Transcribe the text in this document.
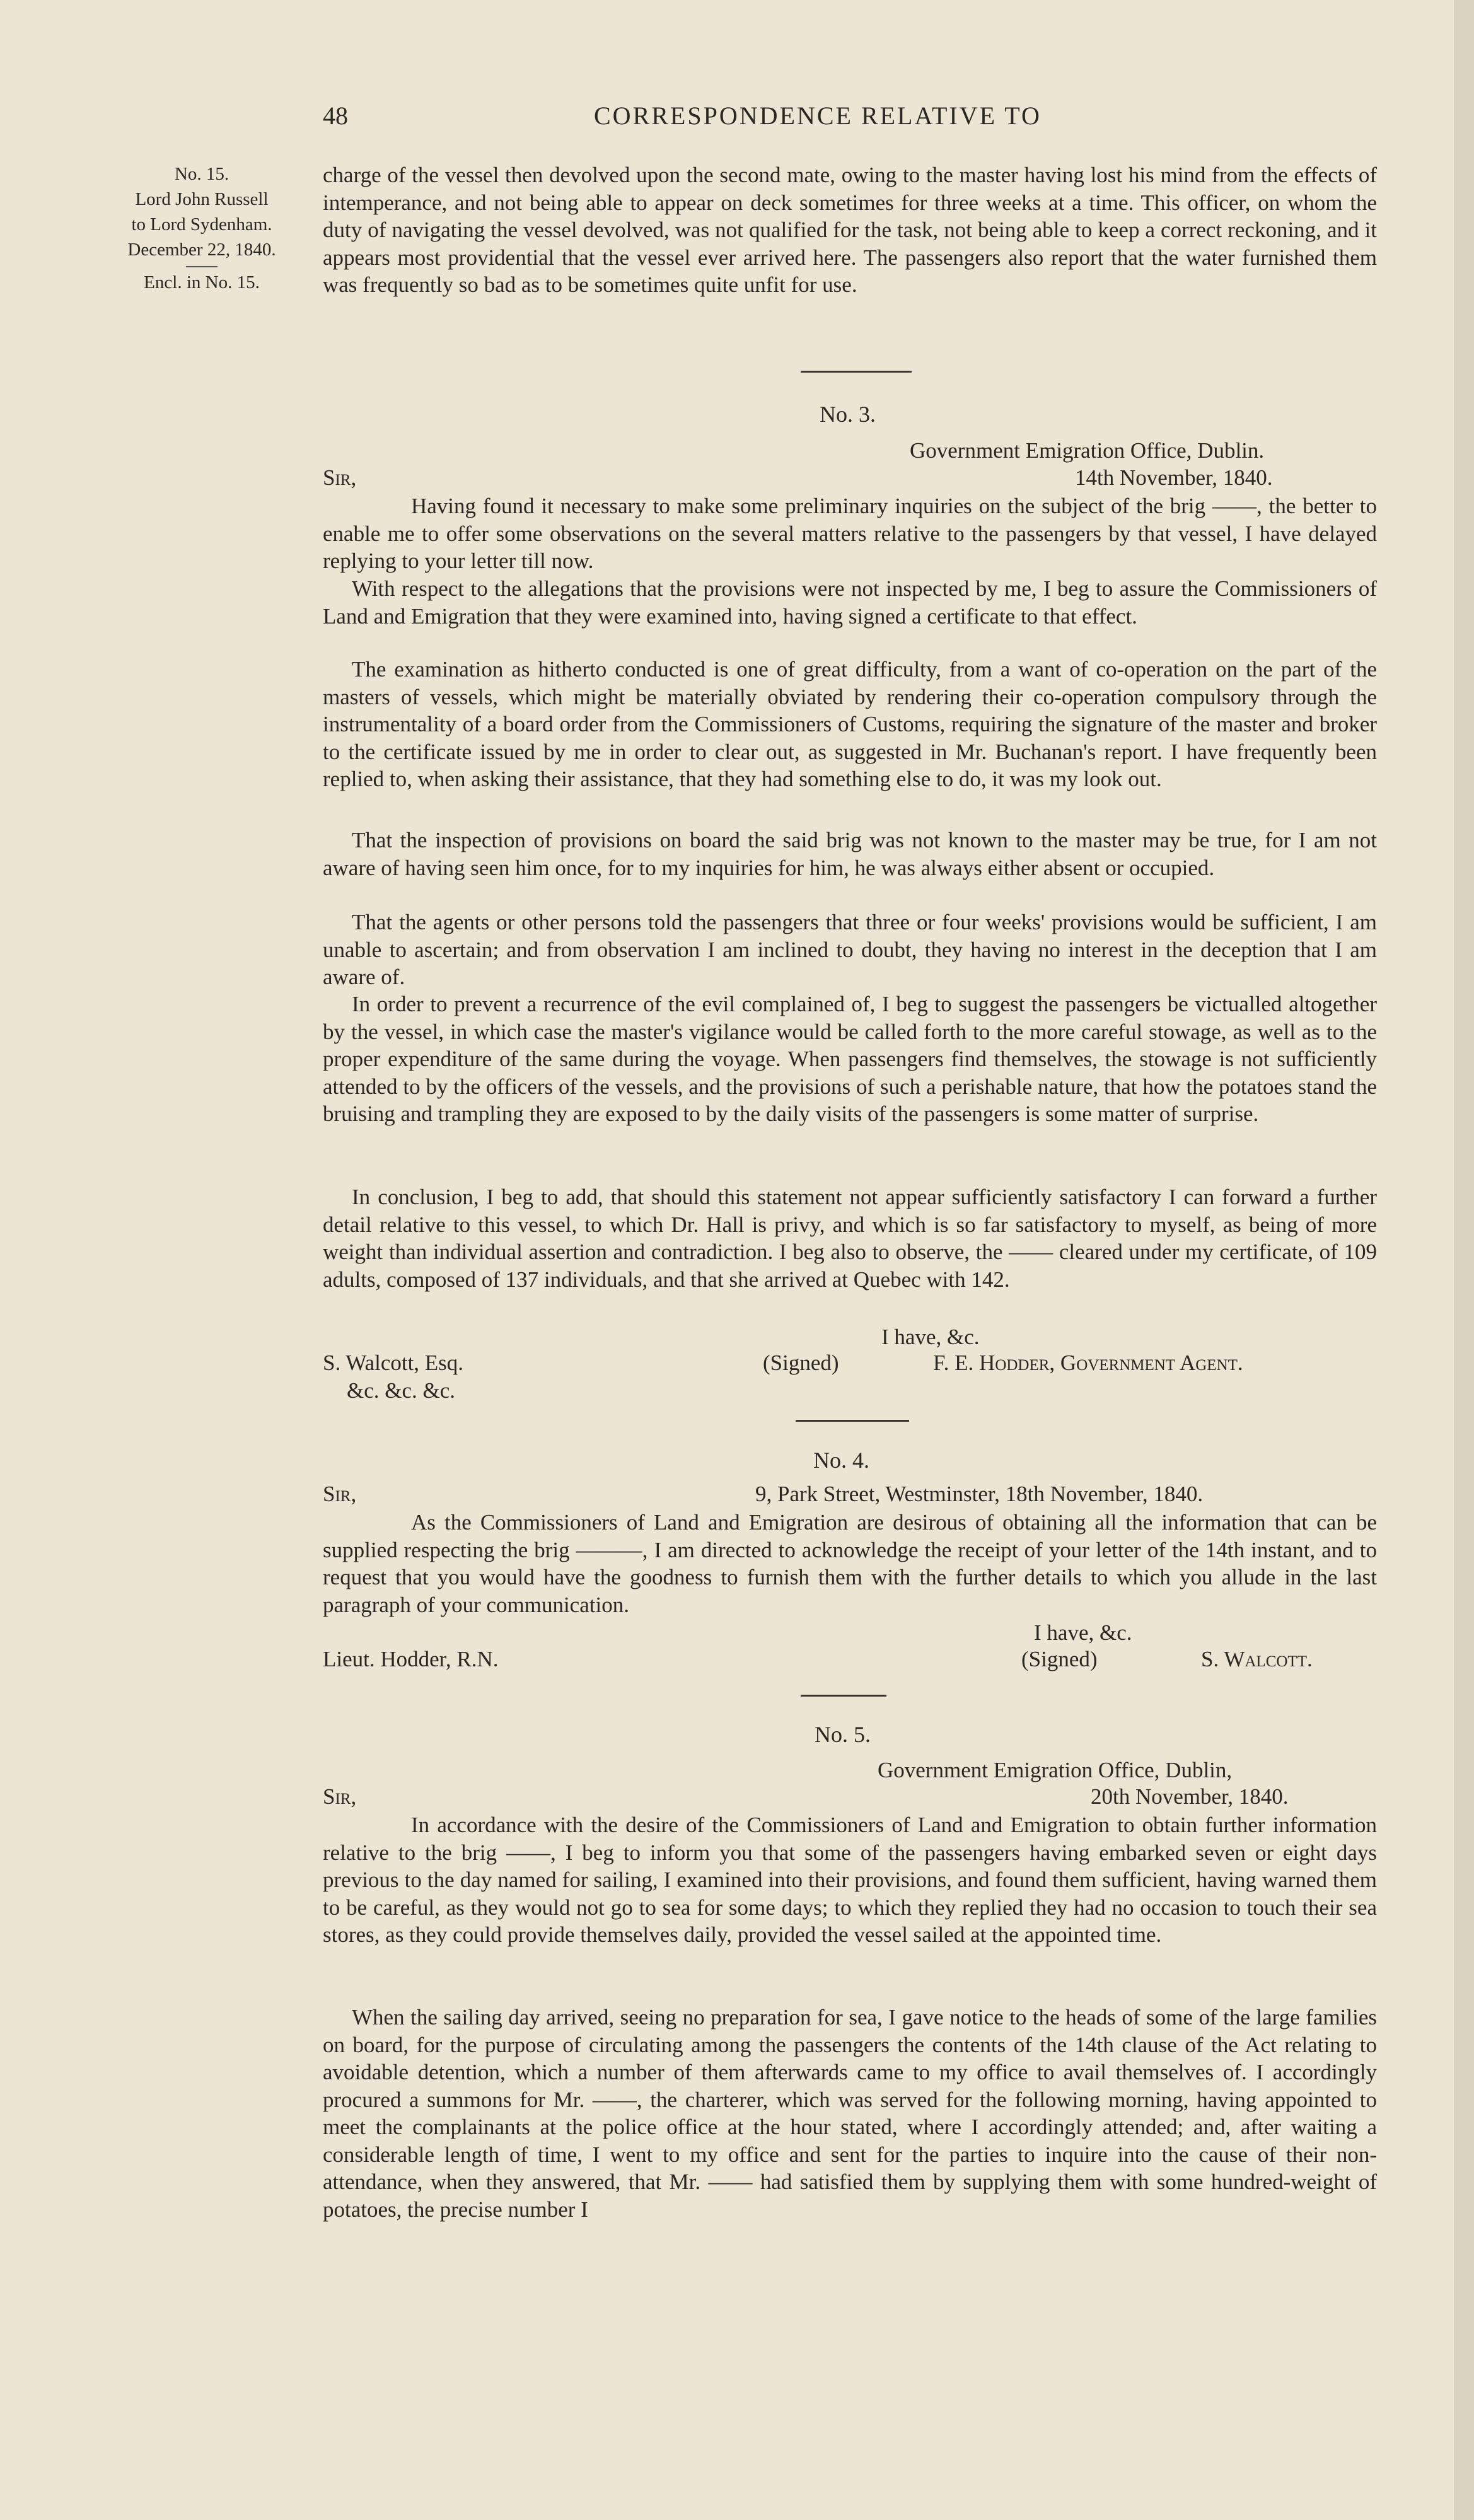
48	CORRESPONDENCE RELATIVE TO
No. 15.
Lord John Russell
to Lord Sydenham.
December 22, 1840.
Encl. in No. 15.

charge of the vessel then devolved upon the second mate, owing to the master having lost his mind from the effects of intemperance, and not being able to appear on deck sometimes for three weeks at a time. This officer, on whom the duty of navigating the vessel devolved, was not qualified for the task, not being able to keep a correct reckoning, and it appears most providential that the vessel ever arrived here. The passengers also report that the water furnished them was frequently so bad as to be sometimes quite unfit for use.

No. 3.
Government Emigration Office, Dublin.
Sir,	14th November, 1840.

Having found it necessary to make some preliminary inquiries on the subject of the brig ——, the better to enable me to offer some observations on the several matters relative to the passengers by that vessel, I have delayed replying to your letter till now.

With respect to the allegations that the provisions were not inspected by me, I beg to assure the Commissioners of Land and Emigration that they were examined into, having signed a certificate to that effect.

The examination as hitherto conducted is one of great difficulty, from a want of co-operation on the part of the masters of vessels, which might be materially obviated by rendering their co-operation compulsory through the instrumentality of a board order from the Commissioners of Customs, requiring the signature of the master and broker to the certificate issued by me in order to clear out, as suggested in Mr. Buchanan's report. I have frequently been replied to, when asking their assistance, that they had something else to do, it was my look out.

That the inspection of provisions on board the said brig was not known to the master may be true, for I am not aware of having seen him once, for to my inquiries for him, he was always either absent or occupied.

That the agents or other persons told the passengers that three or four weeks' provisions would be sufficient, I am unable to ascertain; and from observation I am inclined to doubt, they having no interest in the deception that I am aware of.

In order to prevent a recurrence of the evil complained of, I beg to suggest the passengers be victualled altogether by the vessel, in which case the master's vigilance would be called forth to the more careful stowage, as well as to the proper expenditure of the same during the voyage. When passengers find themselves, the stowage is not sufficiently attended to by the officers of the vessels, and the provisions of such a perishable nature, that how the potatoes stand the bruising and trampling they are exposed to by the daily visits of the passengers is some matter of surprise.

In conclusion, I beg to add, that should this statement not appear sufficiently satisfactory I can forward a further detail relative to this vessel, to which Dr. Hall is privy, and which is so far satisfactory to myself, as being of more weight than individual assertion and contradiction. I beg also to observe, the —— cleared under my certificate, of 109 adults, composed of 137 individuals, and that she arrived at Quebec with 142.

I have, &c.
S. Walcott, Esq.	(Signed)	F. E. Hodder, Government Agent.
&c. &c. &c.
No. 4.
Sir,	9, Park Street, Westminster, 18th November, 1840.

As the Commissioners of Land and Emigration are desirous of obtaining all the information that can be supplied respecting the brig ———, I am directed to acknowledge the receipt of your letter of the 14th instant, and to request that you would have the goodness to furnish them with the further details to which you allude in the last paragraph of your communication.

I have, &c.
Lieut. Hodder, R.N.	(Signed)	S. Walcott.
No. 5.
Government Emigration Office, Dublin,
Sir,	20th November, 1840.

In accordance with the desire of the Commissioners of Land and Emigration to obtain further information relative to the brig ——, I beg to inform you that some of the passengers having embarked seven or eight days previous to the day named for sailing, I examined into their provisions, and found them sufficient, having warned them to be careful, as they would not go to sea for some days; to which they replied they had no occasion to touch their sea stores, as they could provide themselves daily, provided the vessel sailed at the appointed time.

When the sailing day arrived, seeing no preparation for sea, I gave notice to the heads of some of the large families on board, for the purpose of circulating among the passengers the contents of the 14th clause of the Act relating to avoidable detention, which a number of them afterwards came to my office to avail themselves of. I accordingly procured a summons for Mr. ——, the charterer, which was served for the following morning, having appointed to meet the complainants at the police office at the hour stated, where I accordingly attended; and, after waiting a considerable length of time, I went to my office and sent for the parties to inquire into the cause of their non-attendance, when they answered, that Mr. —— had satisfied them by supplying them with some hundred-weight of potatoes, the precise number I
